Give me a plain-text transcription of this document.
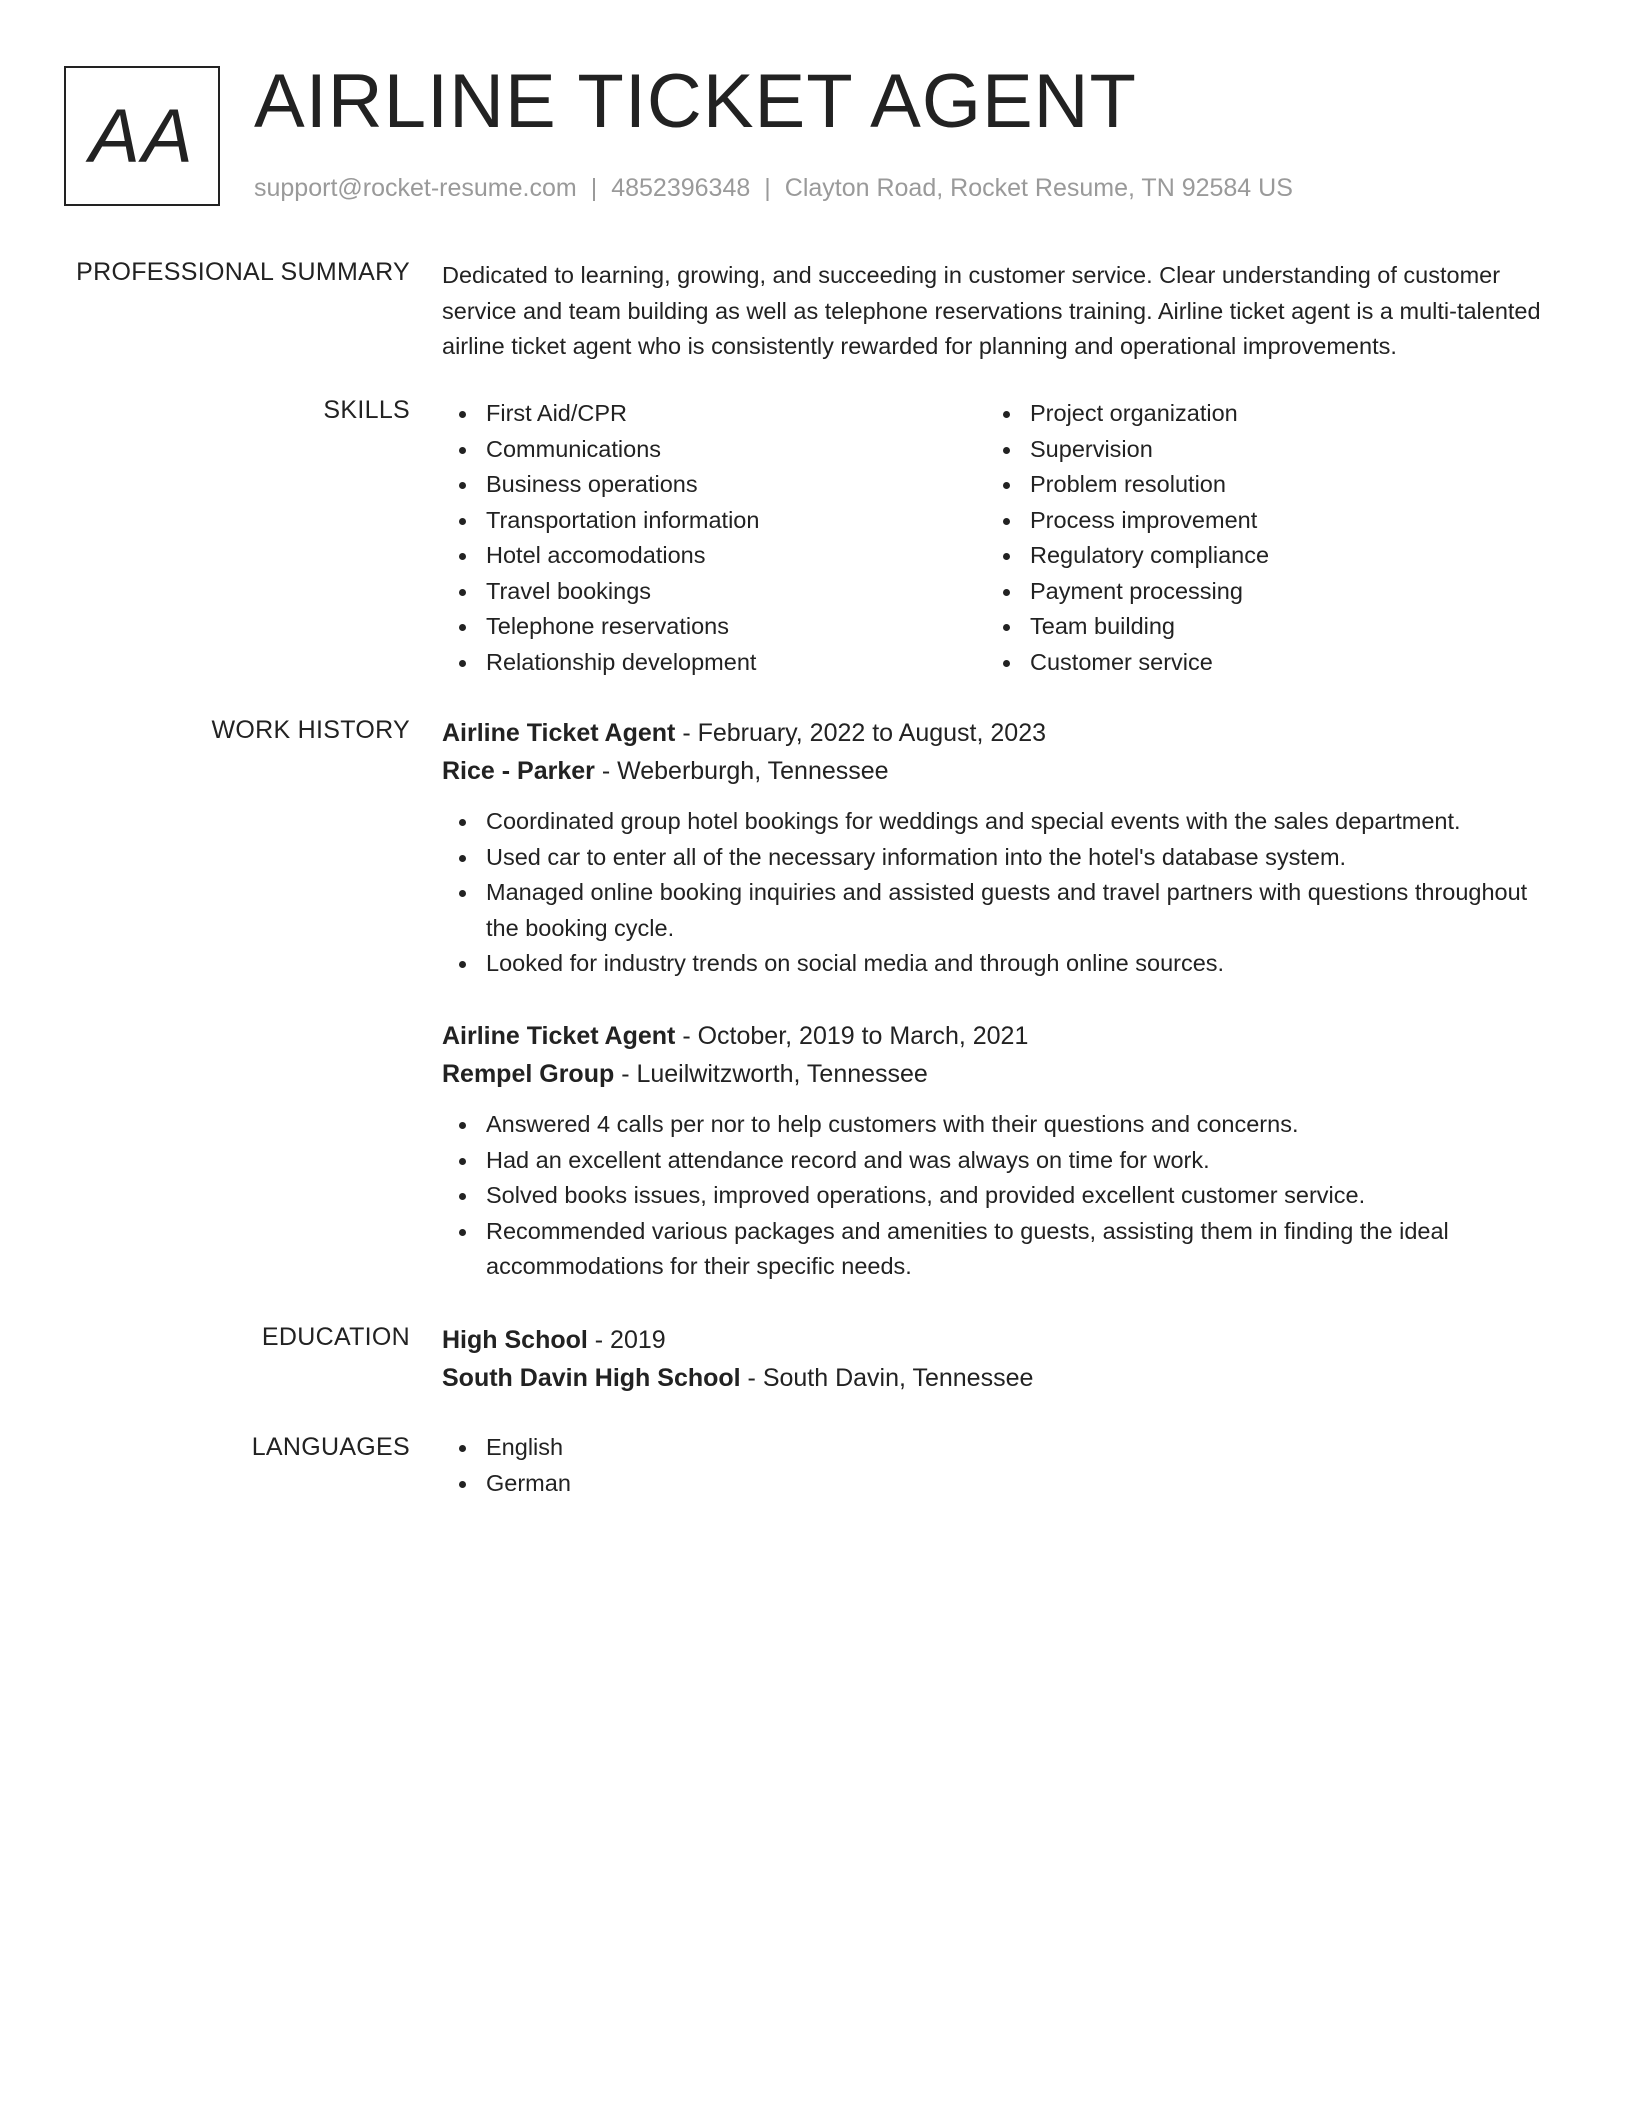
AA AIRLINE TICKET AGENT
support@rocket-resume.com | 4852396348 | Clayton Road, Rocket Resume, TN 92584 US
PROFESSIONAL SUMMARY Dedicated to learning, growing, and succeeding in customer service. Clear understanding of customer service and team building as well as telephone reservations training. Airline ticket agent is a multi-talented airline ticket agent who is consistently rewarded for planning and operational improvements.
SKILLS	First Aid/CPR
Communications
Business operations
Transportation information
Hotel accomodations
Travel bookings
Telephone reservations
Relationship development
Project organization
Supervision
Problem resolution
Process improvement
Regulatory compliance
Payment processing
Team building
Customer service
WORK HISTORY Airline Ticket Agent - February, 2022 to August, 2023
Rice - Parker - Weberburgh, Tennessee
Coordinated group hotel bookings for weddings and special events with the sales department.
Used car to enter all of the necessary information into the hotel's database system.
Managed online booking inquiries and assisted guests and travel partners with questions throughout the booking cycle.
Looked for industry trends on social media and through online sources.
Airline Ticket Agent - October, 2019 to March, 2021
Rempel Group - Lueilwitzworth, Tennessee
Answered 4 calls per nor to help customers with their questions and concerns.
Had an excellent attendance record and was always on time for work.
Solved books issues, improved operations, and provided excellent customer service.
Recommended various packages and amenities to guests, assisting them in finding the ideal accommodations for their specific needs.
EDUCATION High School - 2019
South Davin High School - South Davin, Tennessee
LANGUAGES	English
German
